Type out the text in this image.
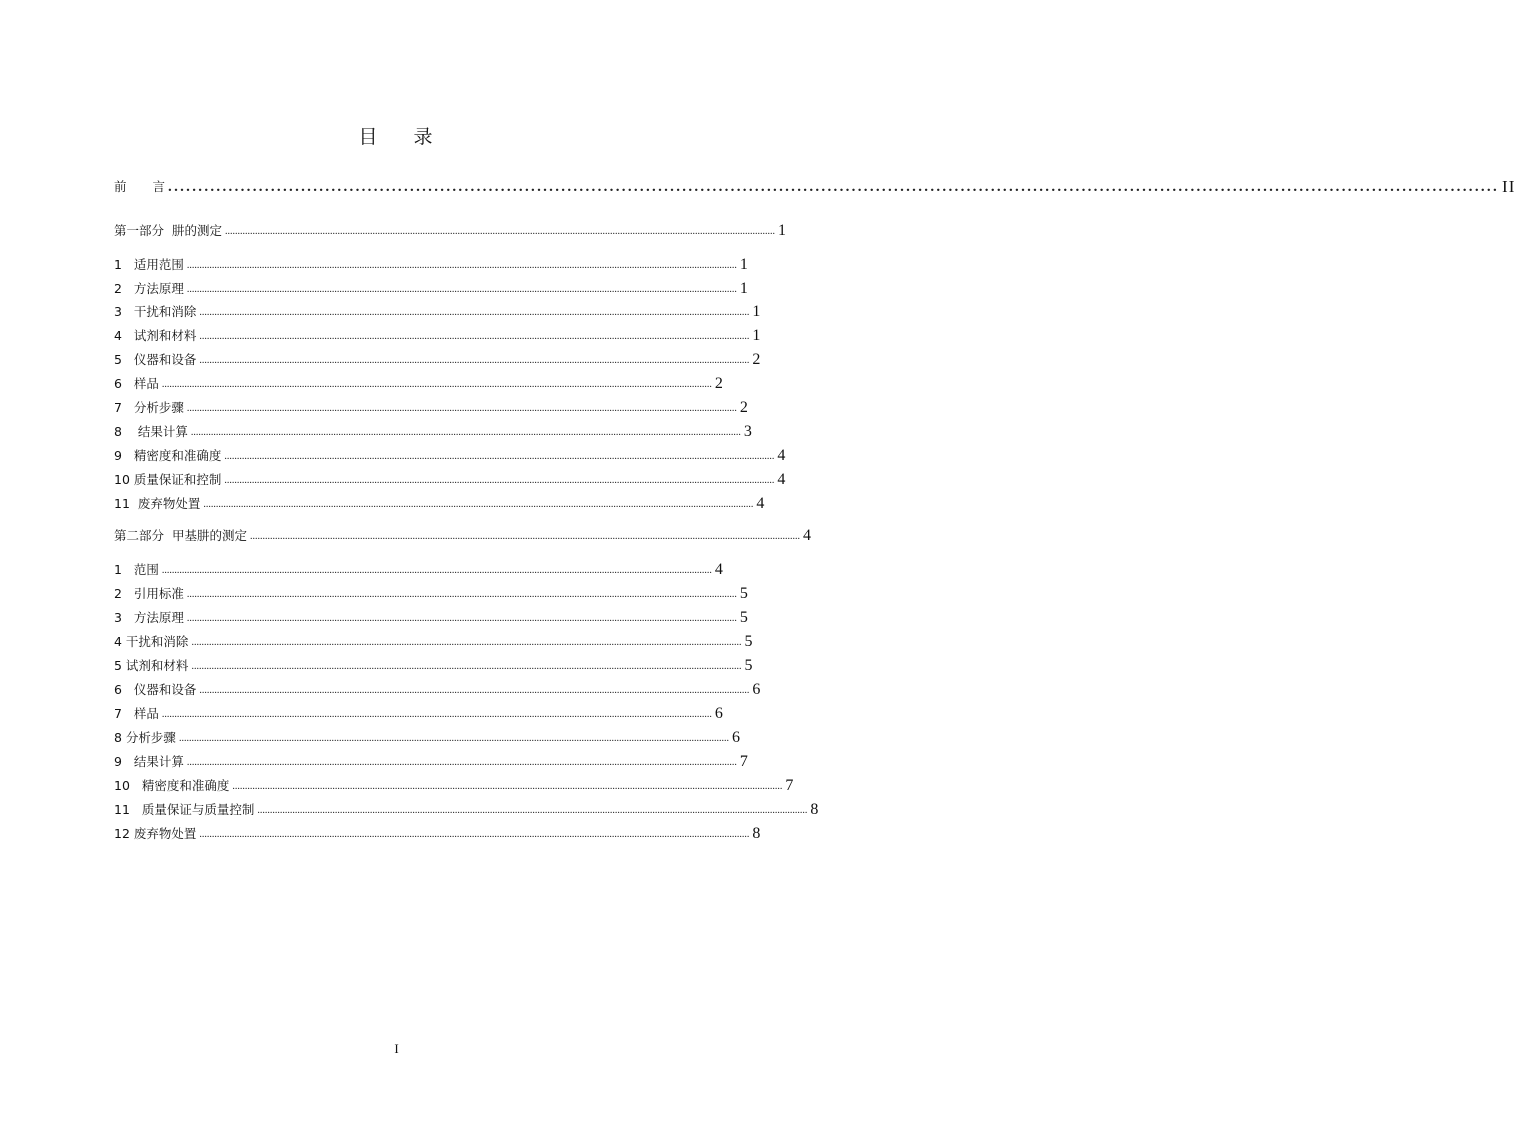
目 录
前 言 ............................................................................................................................................................................................................................ II
第一部分  肼的测定 ............................................................................................................................................................................................................................ 1
1   适用范围 ............................................................................................................................................................................................................................ 1
2   方法原理 ............................................................................................................................................................................................................................ 1
3   干扰和消除 ............................................................................................................................................................................................................................ 1
4   试剂和材料 ............................................................................................................................................................................................................................ 1
5   仪器和设备 ............................................................................................................................................................................................................................ 2
6   样品 ............................................................................................................................................................................................................................ 2
7   分析步骤 ............................................................................................................................................................................................................................ 2
8    结果计算 ............................................................................................................................................................................................................................ 3
9   精密度和准确度 ............................................................................................................................................................................................................................ 4
10 质量保证和控制 ............................................................................................................................................................................................................................ 4
11  废弃物处置 ............................................................................................................................................................................................................................ 4
第二部分  甲基肼的测定 ............................................................................................................................................................................................................................ 4
1   范围 ............................................................................................................................................................................................................................ 4
2   引用标准 ............................................................................................................................................................................................................................ 5
3   方法原理 ............................................................................................................................................................................................................................ 5
4 干扰和消除 ............................................................................................................................................................................................................................ 5
5 试剂和材料 ............................................................................................................................................................................................................................ 5
6   仪器和设备 ............................................................................................................................................................................................................................ 6
7   样品 ............................................................................................................................................................................................................................ 6
8 分析步骤 ............................................................................................................................................................................................................................ 6
9   结果计算 ............................................................................................................................................................................................................................ 7
10   精密度和准确度 ............................................................................................................................................................................................................................ 7
11   质量保证与质量控制 ............................................................................................................................................................................................................................ 8
12 废弃物处置 ............................................................................................................................................................................................................................ 8
I
